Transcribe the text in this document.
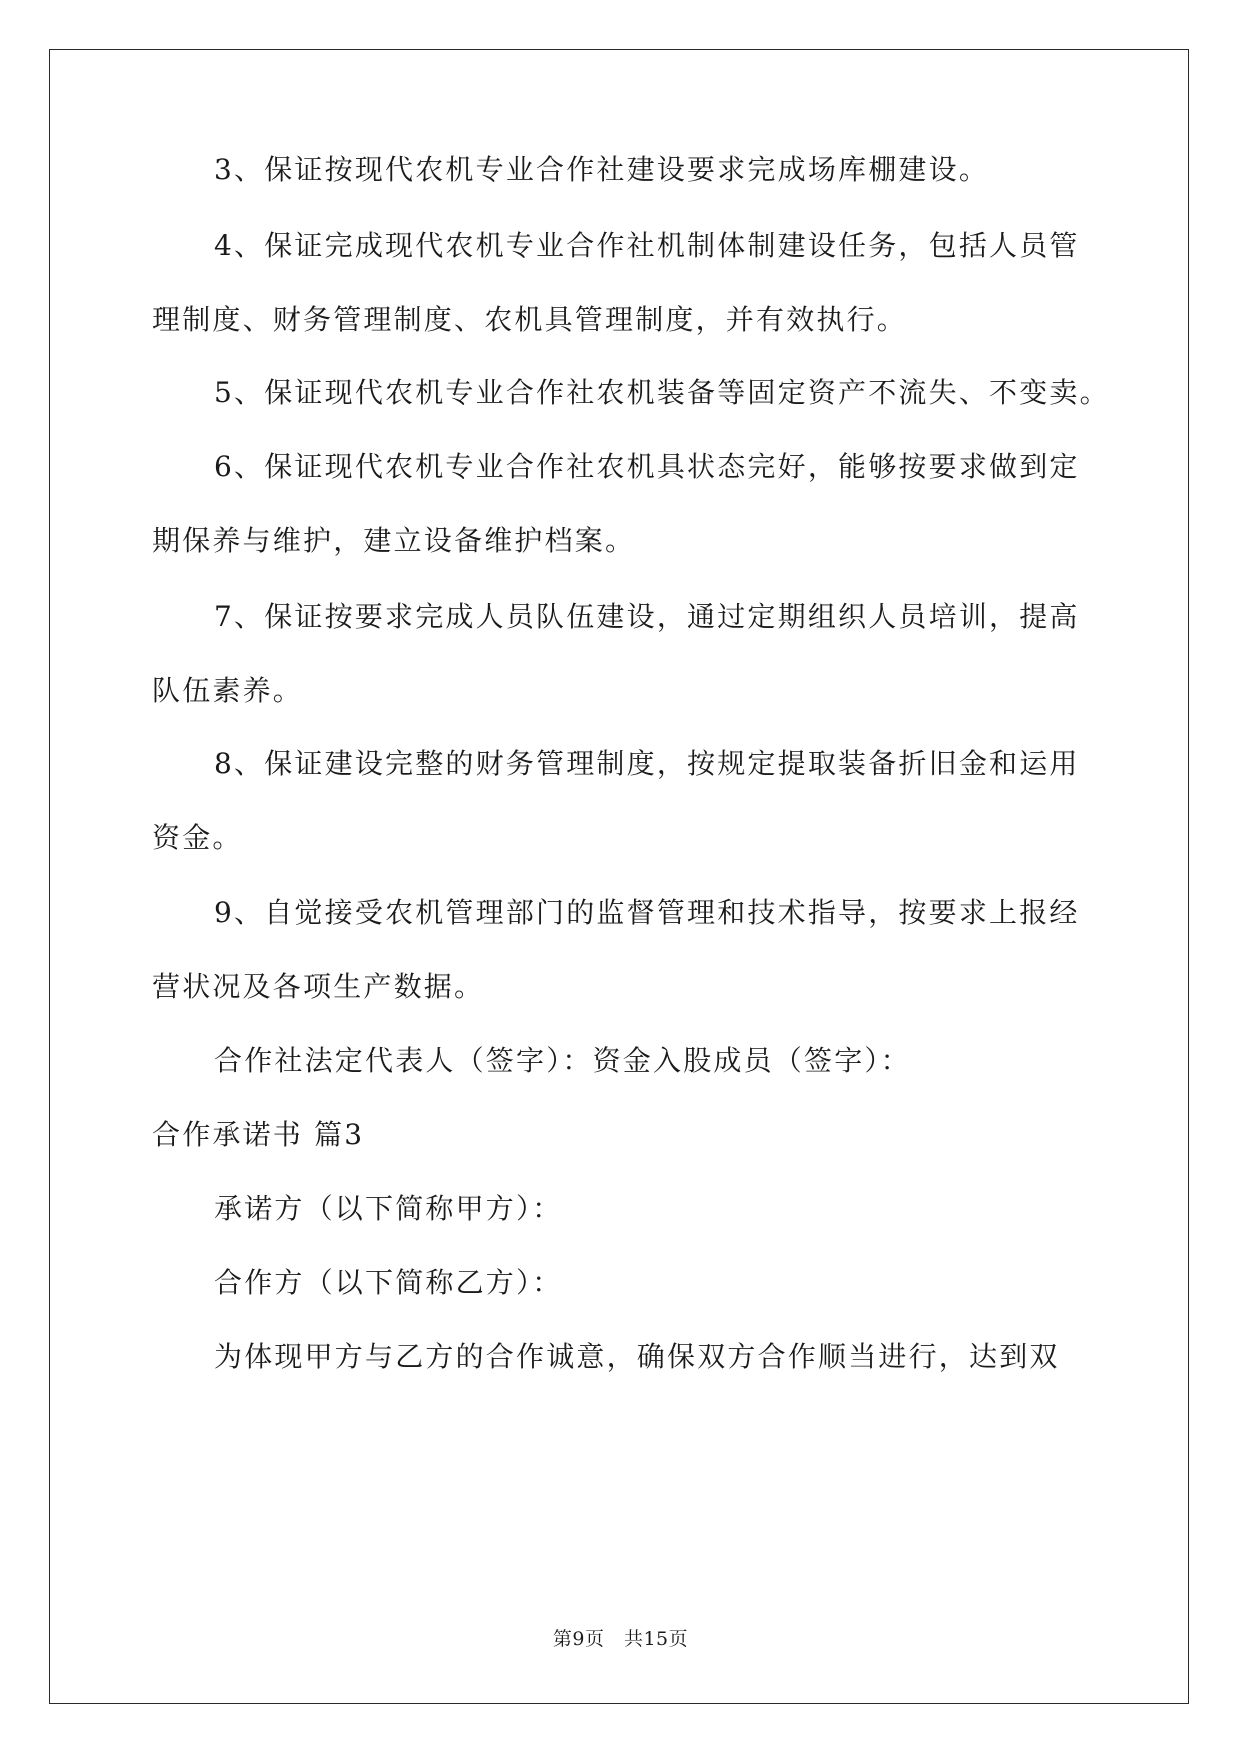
3、保证按现代农机专业合作社建设要求完成场库棚建设。
4、保证完成现代农机专业合作社机制体制建设任务，包括人员管
理制度、财务管理制度、农机具管理制度，并有效执行。
5、保证现代农机专业合作社农机装备等固定资产不流失、不变卖。
6、保证现代农机专业合作社农机具状态完好，能够按要求做到定
期保养与维护，建立设备维护档案。
7、保证按要求完成人员队伍建设，通过定期组织人员培训，提高
队伍素养。
8、保证建设完整的财务管理制度，按规定提取装备折旧金和运用
资金。
9、自觉接受农机管理部门的监督管理和技术指导，按要求上报经
营状况及各项生产数据。
合作社法定代表人（签字）：资金入股成员（签字）：
合作承诺书 篇3
承诺方（以下简称甲方）：
合作方（以下简称乙方）：
为体现甲方与乙方的合作诚意，确保双方合作顺当进行，达到双
第9页　共15页
